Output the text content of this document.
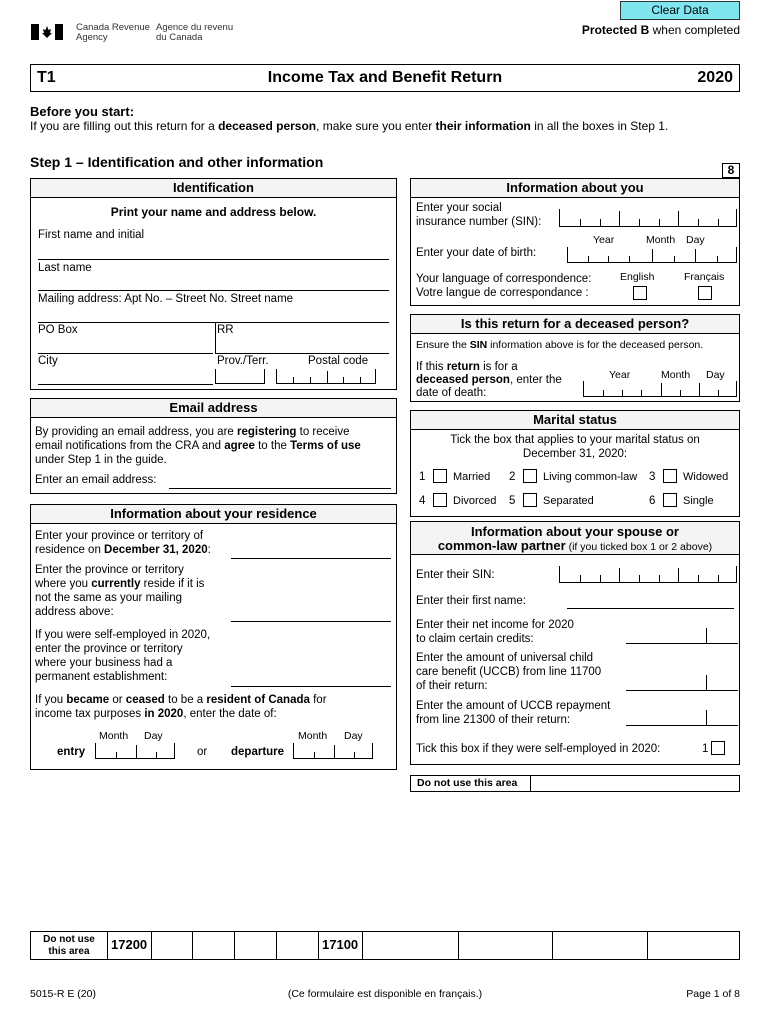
Clear Data
Canada Revenue
Agency
Agence du revenu
du Canada
Protected B when completed
T1	Income Tax and Benefit Return	2020
Before you start:
If you are filling out this return for a deceased person, make sure you enter their information in all the boxes in Step 1.
Step 1 – Identification and other information	8
Identification
Print your name and address below.
First name and initial
Last name
Mailing address: Apt No. – Street No. Street name
PO Box	RR
City	Prov./Terr.	Postal code
Information about you
Enter your social
insurance number (SIN):
Year	Month Day
Enter your date of birth:
Your language of correspondence:
Votre langue de correspondance :
English	Français
Is this return for a deceased person?
Ensure the SIN information above is for the deceased person.
If this return is for a
deceased person, enter the
date of death:
Year	Month Day
Email address
By providing an email address, you are registering to receive
email notifications from the CRA and agree to the Terms of use
under Step 1 in the guide.
Enter an email address:
Marital status
Tick the box that applies to your marital status on
December 31, 2020:
1	Married 2	Living common-law 3	Widowed
4	Divorced 5	Separated	6	Single
Information about your residence
Enter your province or territory of
residence on December 31, 2020:
Enter the province or territory
where you currently reside if it is
not the same as your mailing
address above:
If you were self-employed in 2020,
enter the province or territory
where your business had a
permanent establishment:
If you became or ceased to be a resident of Canada for
income tax purposes in 2020, enter the date of:
Month Day
entry	or departure
Month Day
Information about your spouse or
common-law partner (if you ticked box 1 or 2 above)
Enter their SIN:
Enter their first name:
Enter their net income for 2020
to claim certain credits:
Enter the amount of universal child
care benefit (UCCB) from line 11700
of their return:
Enter the amount of UCCB repayment
from line 21300 of their return:
Tick this box if they were self-employed in 2020:	1
Do not use this area
Do not use
this area	17200	17100
5015-R E (20)	(Ce formulaire est disponible en français.)	Page 1 of 8
